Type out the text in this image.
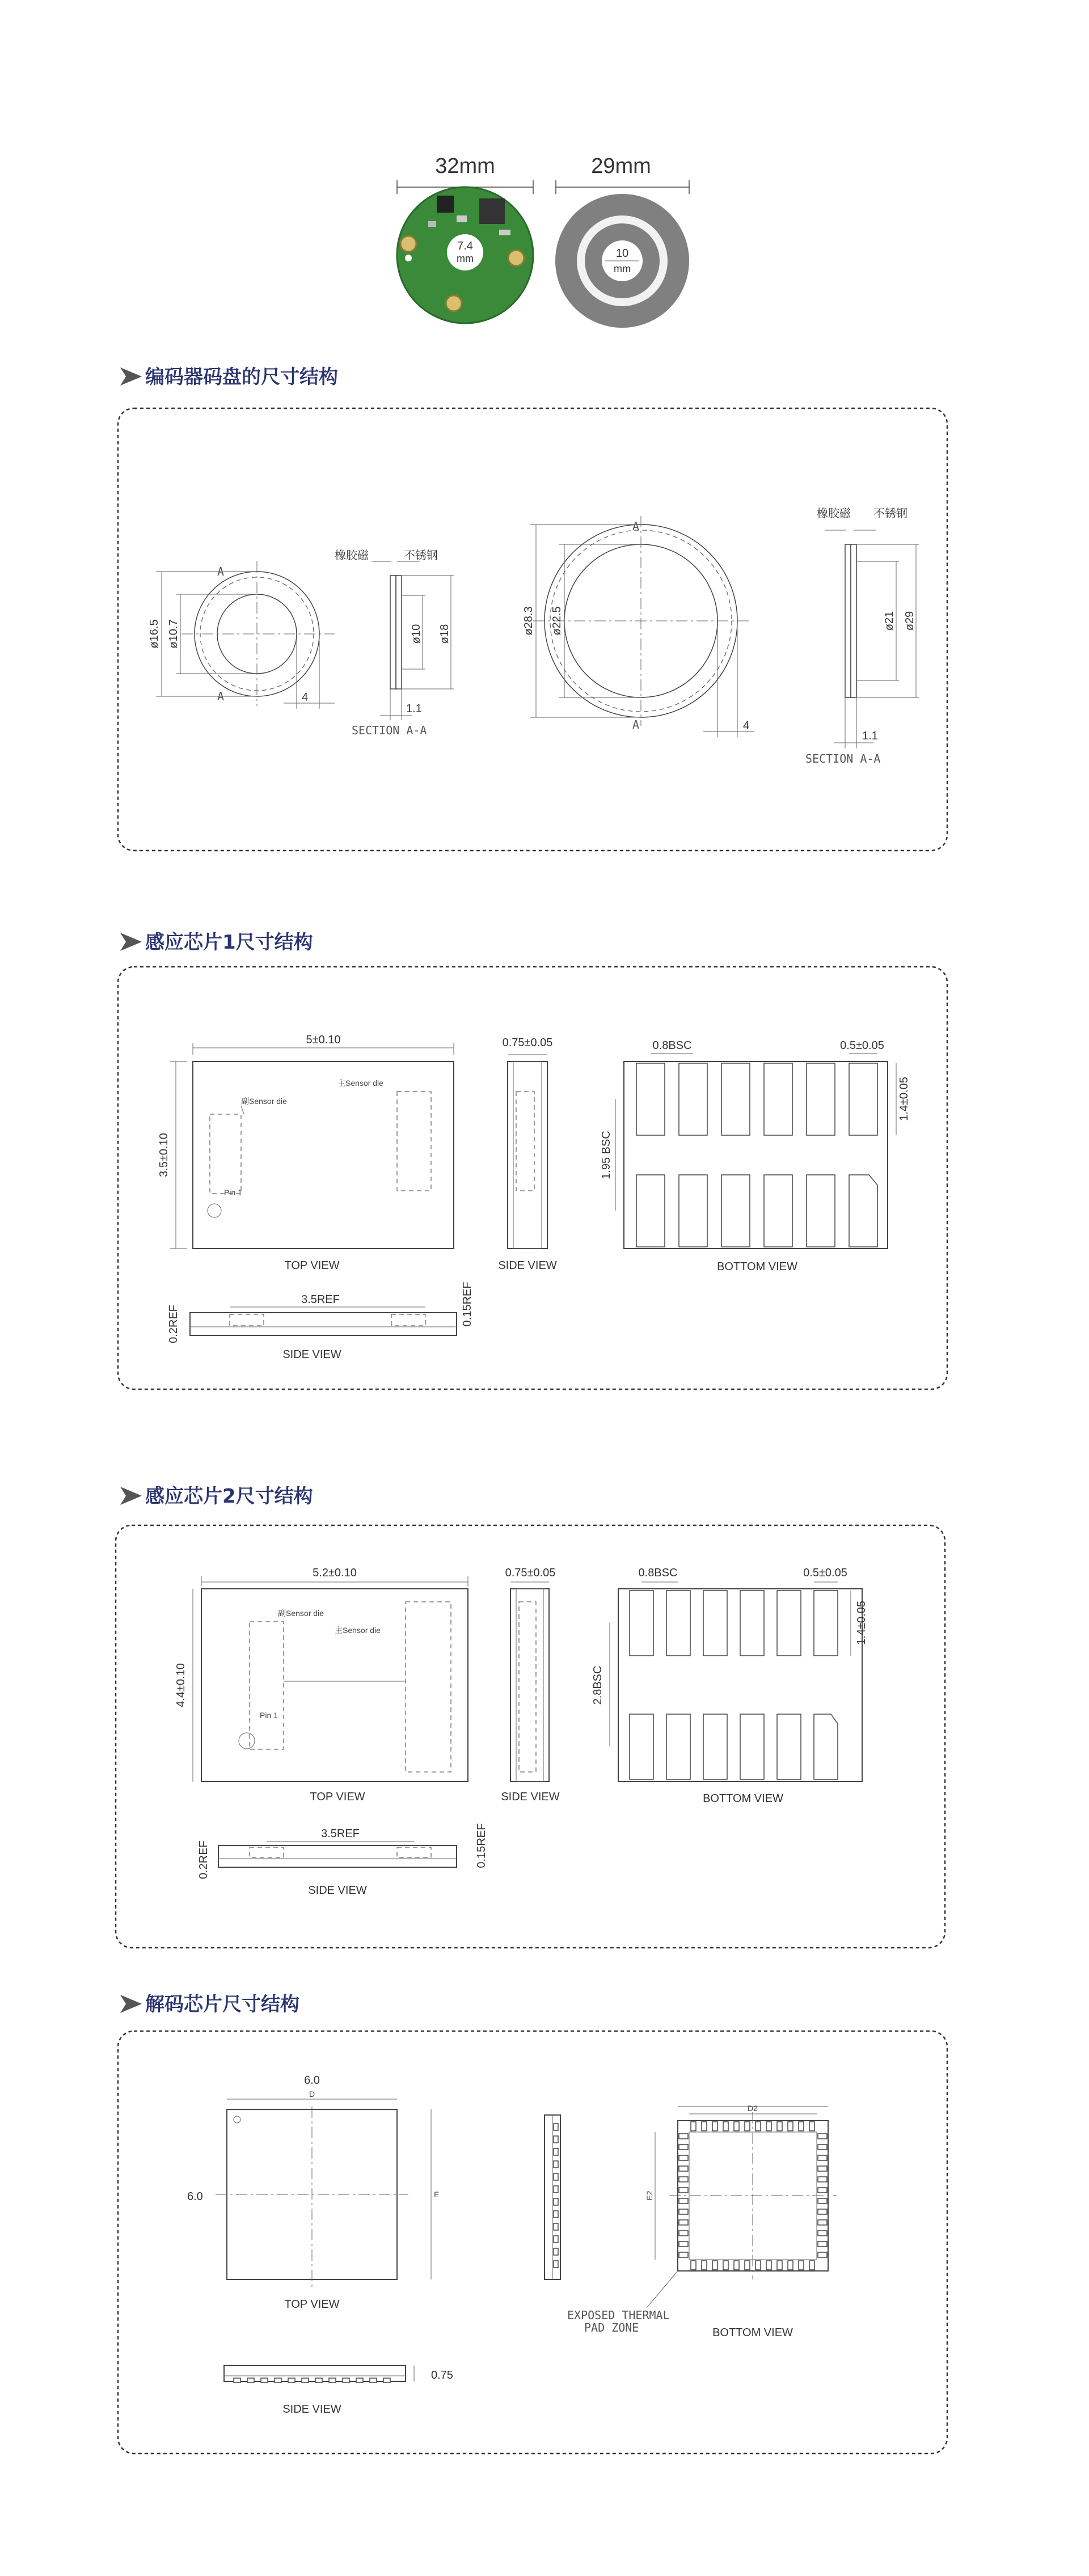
32mm
7.4
mm
29mm
10
mm
编码器码盘的尺寸结构
感应芯片1尺寸结构
感应芯片2尺寸结构
解码芯片尺寸结构
ø16.5 ø10.7
4
A
A
ø10 ø18
橡胶磁	不锈钢
1.1
SECTION A-A
ø28.3 ø22.5
4
A
A
ø21 ø29
橡胶磁 不锈钢
1.1
SECTION A-A
5±0.10
3.5±0.10
副Sensor die
主Sensor die
Pin 1
TOP VIEW
0.75±0.05
SIDE VIEW
0.8BSC	0.5±0.05
1.4±0.05
1.95 BSC
BOTTOM VIEW
3.5REF
0.2REF	0.15REF
SIDE VIEW
5.2±0.10
4.4±0.10
副Sensor die
主Sensor die
Pin 1
TOP VIEW
0.75±0.05
SIDE VIEW
0.8BSC	0.5±0.05
1.4±0.05
2.8BSC
BOTTOM VIEW
3.5REF
0.2REF	0.15REF
SIDE VIEW
6.0
D
6.0	E
TOP VIEW
0.75
SIDE VIEW
D2
E2
EXPOSED THERMAL
PAD ZONE	BOTTOM VIEW
